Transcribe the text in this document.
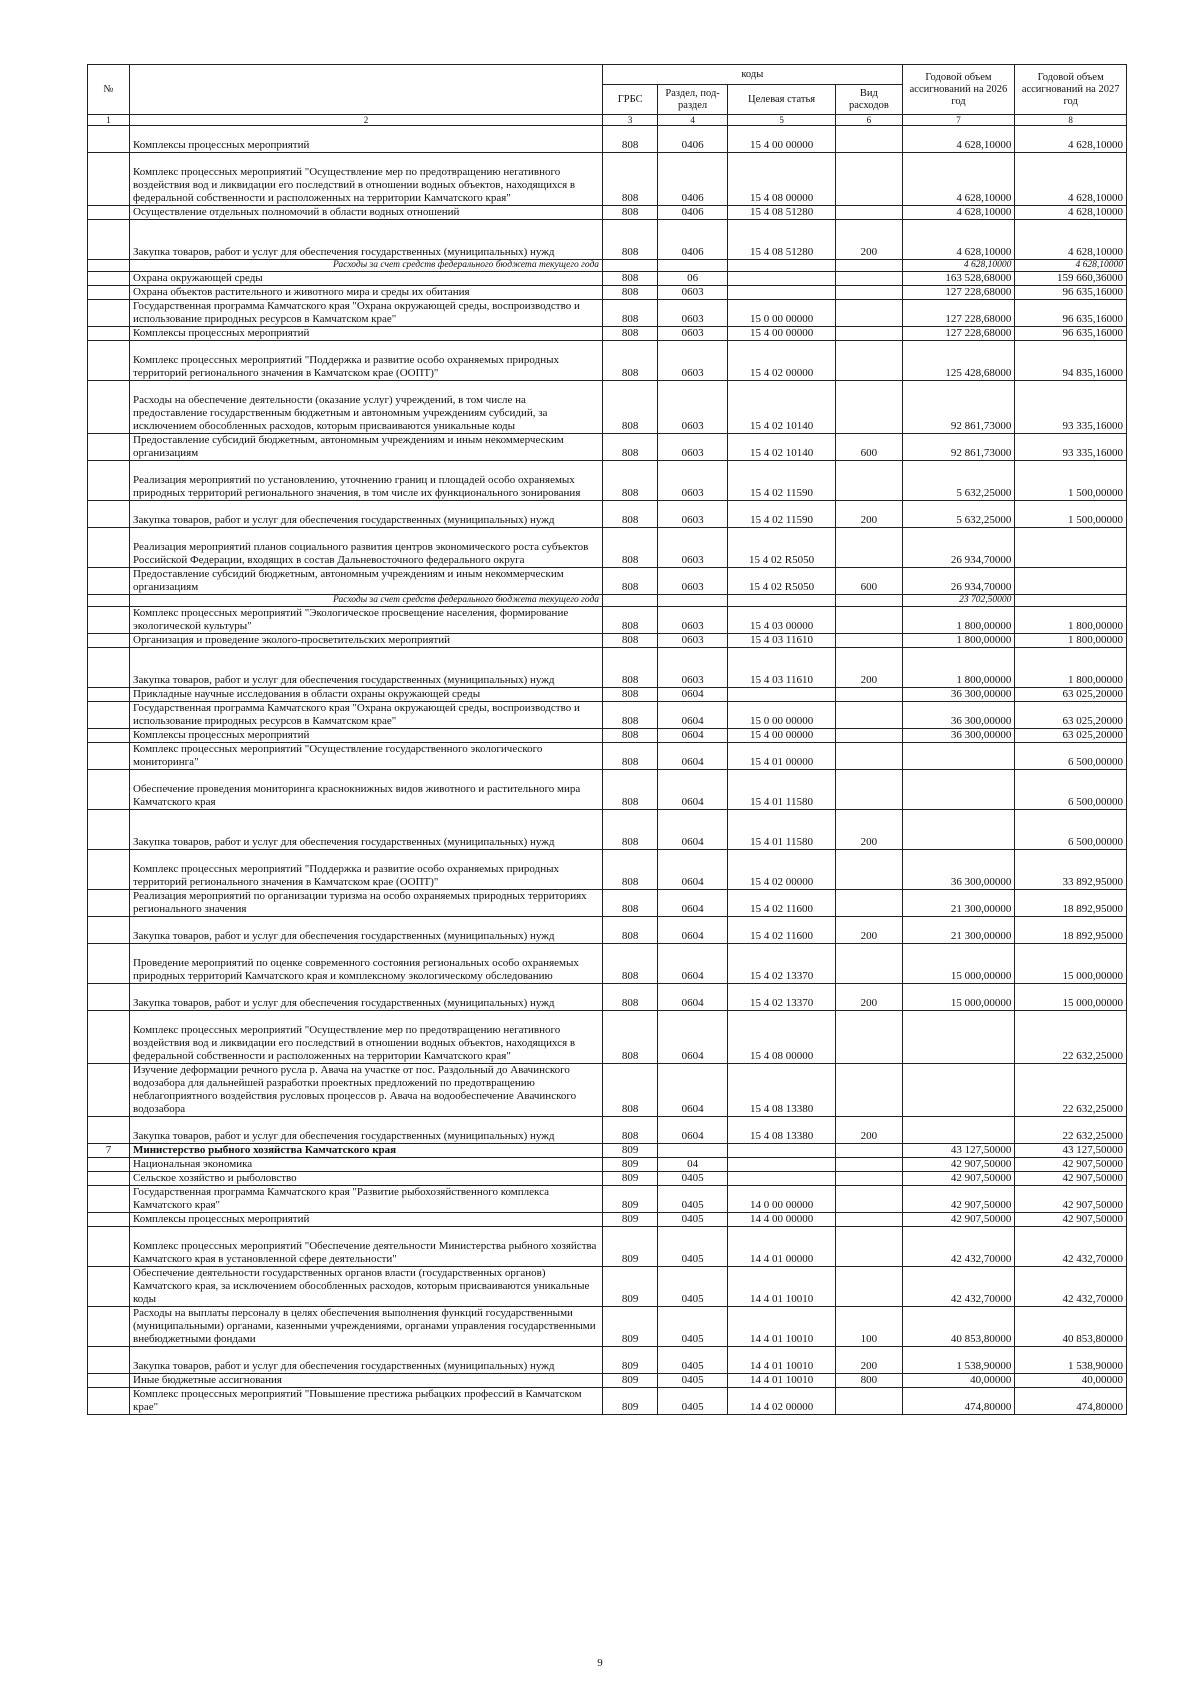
№		коды				Годовой объем ассигнований на 2026 год	Годовой объем ассигнований на 2027 год
		ГРБС	Раздел, под-раздел	Целевая статья	Вид расходов		
1	2	3	4	5	6	7	8
	Комплексы процессных мероприятий	808	0406	15 4 00 00000		4 628,10000	4 628,10000
	Комплекс процессных мероприятий "Осуществление мер по предотвращению негативного воздействия вод и ликвидации его последствий в отношении водных объектов, находящихся в федеральной собственности и расположенных на территории Камчатского края"	808	0406	15 4 08 00000		4 628,10000	4 628,10000
	Осуществление отдельных полномочий в области водных отношений	808	0406	15 4 08 51280		4 628,10000	4 628,10000
	Закупка товаров, работ и услуг для обеспечения государственных (муниципальных) нужд	808	0406	15 4 08 51280	200	4 628,10000	4 628,10000
	Расходы за счет средств федерального бюджета текущего года					4 628,10000	4 628,10000
	Охрана окружающей среды	808	06			163 528,68000	159 660,36000
	Охрана объектов растительного и животного мира и среды их обитания	808	0603			127 228,68000	96 635,16000
	Государственная программа Камчатского края "Охрана окружающей среды, воспроизводство и использование природных ресурсов в Камчатском крае"	808	0603	15 0 00 00000		127 228,68000	96 635,16000
	Комплексы процессных мероприятий	808	0603	15 4 00 00000		127 228,68000	96 635,16000
	Комплекс процессных мероприятий "Поддержка и развитие особо охраняемых природных территорий регионального значения в Камчатском крае (ООПТ)"	808	0603	15 4 02 00000		125 428,68000	94 835,16000
	Расходы на обеспечение деятельности (оказание услуг) учреждений, в том числе на предоставление государственным бюджетным и автономным учреждениям субсидий, за исключением обособленных расходов, которым присваиваются уникальные коды	808	0603	15 4 02 10140		92 861,73000	93 335,16000
	Предоставление субсидий бюджетным, автономным учреждениям и иным некоммерческим организациям	808	0603	15 4 02 10140	600	92 861,73000	93 335,16000
	Реализация мероприятий по установлению, уточнению границ и площадей особо охраняемых природных территорий регионального значения, в том числе их функционального зонирования	808	0603	15 4 02 11590		5 632,25000	1 500,00000
	Закупка товаров, работ и услуг для обеспечения государственных (муниципальных) нужд	808	0603	15 4 02 11590	200	5 632,25000	1 500,00000
	Реализация мероприятий планов социального развития центров экономического роста субъектов Российской Федерации, входящих в состав Дальневосточного федерального округа	808	0603	15 4 02 R5050		26 934,70000	
	Предоставление субсидий бюджетным, автономным учреждениям и иным некоммерческим организациям	808	0603	15 4 02 R5050	600	26 934,70000	
	Расходы за счет средств федерального бюджета текущего года					23 702,50000	
	Комплекс процессных мероприятий "Экологическое просвещение населения, формирование экологической культуры"	808	0603	15 4 03 00000		1 800,00000	1 800,00000
	Организация и проведение эколого-просветительских мероприятий	808	0603	15 4 03 11610		1 800,00000	1 800,00000
	Закупка товаров, работ и услуг для обеспечения государственных (муниципальных) нужд	808	0603	15 4 03 11610	200	1 800,00000	1 800,00000
	Прикладные научные исследования в области охраны окружающей среды	808	0604			36 300,00000	63 025,20000
	Государственная программа Камчатского края "Охрана окружающей среды, воспроизводство и использование природных ресурсов в Камчатском крае"	808	0604	15 0 00 00000		36 300,00000	63 025,20000
	Комплексы процессных мероприятий	808	0604	15 4 00 00000		36 300,00000	63 025,20000
	Комплекс процессных мероприятий "Осуществление государственного экологического мониторинга"	808	0604	15 4 01 00000			6 500,00000
	Обеспечение проведения мониторинга краснокнижных видов животного и растительного мира Камчатского края	808	0604	15 4 01 11580			6 500,00000
	Закупка товаров, работ и услуг для обеспечения государственных (муниципальных) нужд	808	0604	15 4 01 11580	200		6 500,00000
	Комплекс процессных мероприятий "Поддержка и развитие особо охраняемых природных территорий регионального значения в Камчатском крае (ООПТ)"	808	0604	15 4 02 00000		36 300,00000	33 892,95000
	Реализация мероприятий по организации туризма на особо охраняемых природных территориях регионального значения	808	0604	15 4 02 11600		21 300,00000	18 892,95000
	Закупка товаров, работ и услуг для обеспечения государственных (муниципальных) нужд	808	0604	15 4 02 11600	200	21 300,00000	18 892,95000
	Проведение мероприятий по оценке современного состояния региональных особо охраняемых природных территорий Камчатского края и комплексному экологическому обследованию	808	0604	15 4 02 13370		15 000,00000	15 000,00000
	Закупка товаров, работ и услуг для обеспечения государственных (муниципальных) нужд	808	0604	15 4 02 13370	200	15 000,00000	15 000,00000
	Комплекс процессных мероприятий "Осуществление мер по предотвращению негативного воздействия вод и ликвидации его последствий в отношении водных объектов, находящихся в федеральной собственности и расположенных на территории Камчатского края"	808	0604	15 4 08 00000			22 632,25000
	Изучение деформации речного русла р. Авача на участке от пос. Раздольный до Авачинского водозабора для дальнейшей разработки проектных предложений по предотвращению неблагоприятного воздействия русловых процессов р. Авача на водообеспечение Авачинского водозабора	808	0604	15 4 08 13380			22 632,25000
	Закупка товаров, работ и услуг для обеспечения государственных (муниципальных) нужд	808	0604	15 4 08 13380	200		22 632,25000
7	Министерство рыбного хозяйства Камчатского края	809				43 127,50000	43 127,50000
	Национальная экономика	809	04			42 907,50000	42 907,50000
	Сельское хозяйство и рыболовство	809	0405			42 907,50000	42 907,50000
	Государственная программа Камчатского края "Развитие рыбохозяйственного комплекса Камчатского края"	809	0405	14 0 00 00000		42 907,50000	42 907,50000
	Комплексы процессных мероприятий	809	0405	14 4 00 00000		42 907,50000	42 907,50000
	Комплекс процессных мероприятий "Обеспечение деятельности Министерства рыбного хозяйства Камчатского края в установленной сфере деятельности"	809	0405	14 4 01 00000		42 432,70000	42 432,70000
	Обеспечение деятельности государственных органов власти (государственных органов) Камчатского края, за исключением обособленных расходов, которым присваиваются уникальные коды	809	0405	14 4 01 10010		42 432,70000	42 432,70000
	Расходы на выплаты персоналу в целях обеспечения выполнения функций государственными (муниципальными) органами, казенными учреждениями, органами управления государственными внебюджетными фондами	809	0405	14 4 01 10010	100	40 853,80000	40 853,80000
	Закупка товаров, работ и услуг для обеспечения государственных (муниципальных) нужд	809	0405	14 4 01 10010	200	1 538,90000	1 538,90000
	Иные бюджетные ассигнования	809	0405	14 4 01 10010	800	40,00000	40,00000
	Комплекс процессных мероприятий "Повышение престижа рыбацких профессий в Камчатском крае"	809	0405	14 4 02 00000		474,80000	474,80000
9
